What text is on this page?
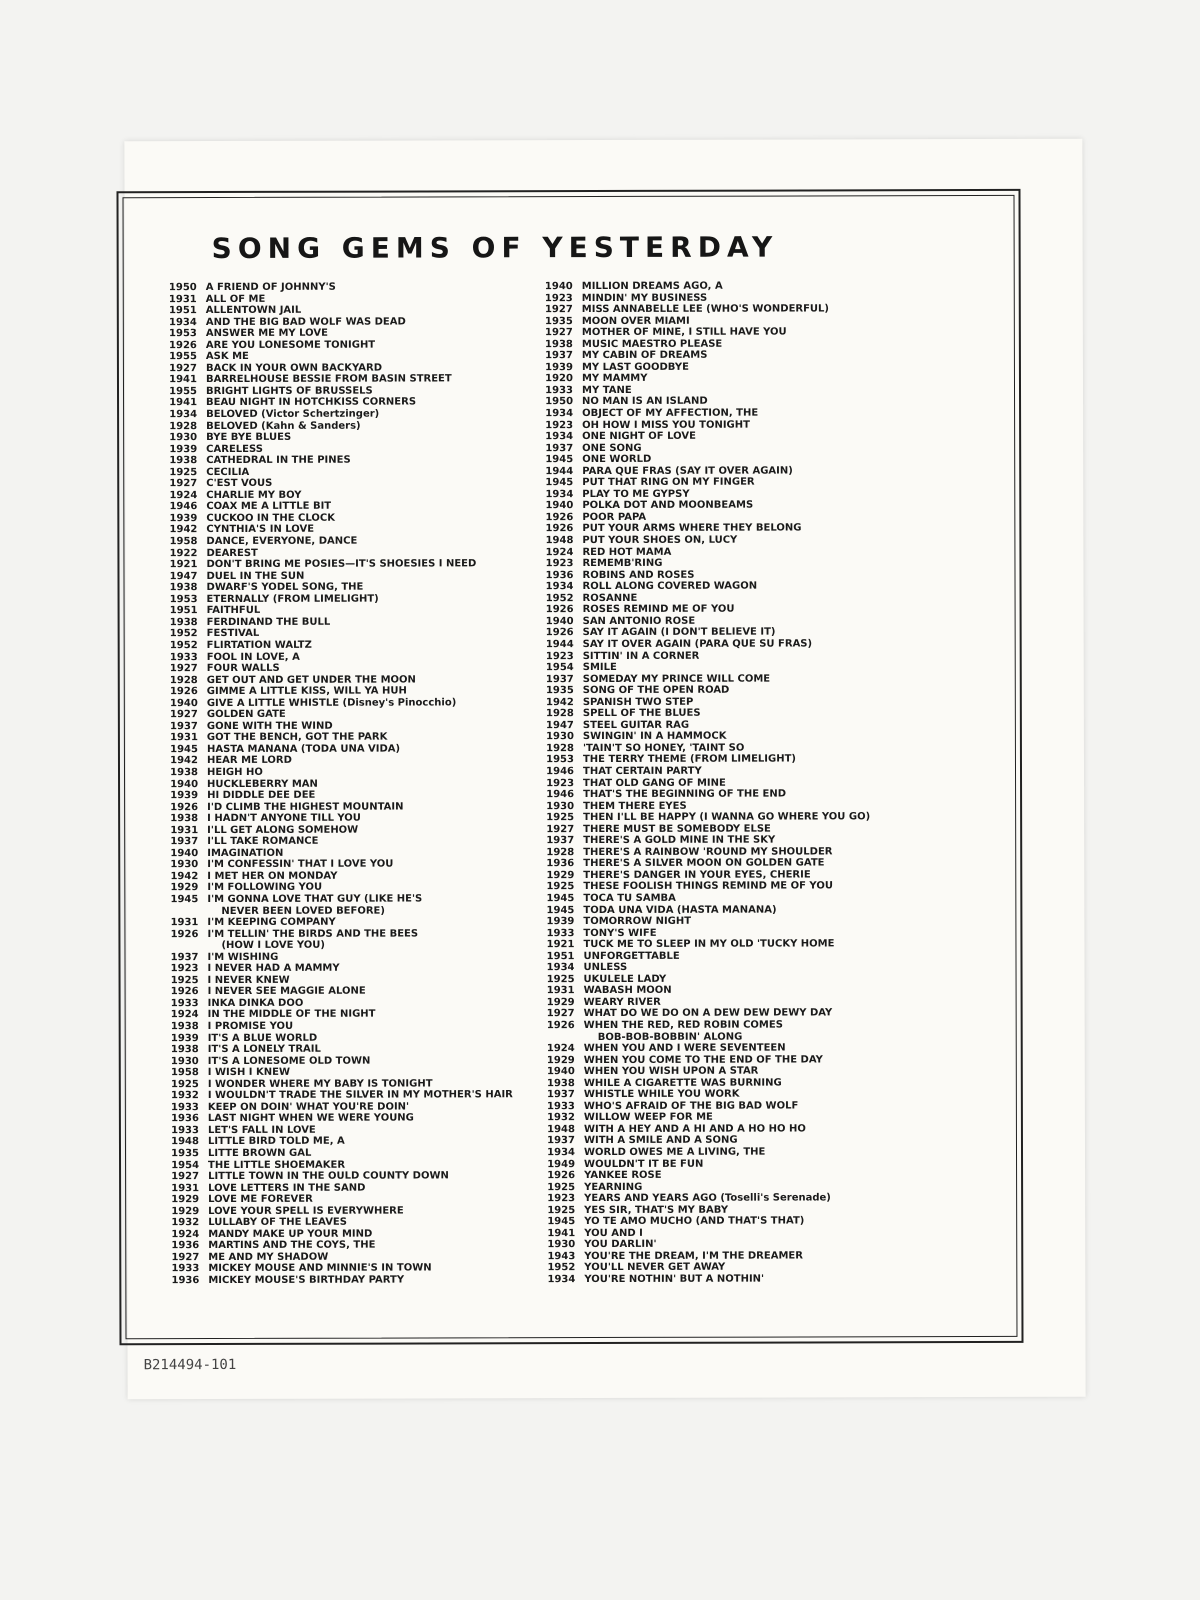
SONG GEMS OF YESTERDAY
1950 A FRIEND OF JOHNNY'S
1931 ALL OF ME
1951 ALLENTOWN JAIL
1934 AND THE BIG BAD WOLF WAS DEAD
1953 ANSWER ME MY LOVE
1926 ARE YOU LONESOME TONIGHT
1955 ASK ME
1927 BACK IN YOUR OWN BACKYARD
1941 BARRELHOUSE BESSIE FROM BASIN STREET
1955 BRIGHT LIGHTS OF BRUSSELS
1941 BEAU NIGHT IN HOTCHKISS CORNERS
1934 BELOVED (Victor Schertzinger)
1928 BELOVED (Kahn & Sanders)
1930 BYE BYE BLUES
1939 CARELESS
1938 CATHEDRAL IN THE PINES
1925 CECILIA
1927 C'EST VOUS
1924 CHARLIE MY BOY
1946 COAX ME A LITTLE BIT
1939 CUCKOO IN THE CLOCK
1942 CYNTHIA'S IN LOVE
1958 DANCE, EVERYONE, DANCE
1922 DEAREST
1921 DON'T BRING ME POSIES—IT'S SHOESIES I NEED
1947 DUEL IN THE SUN
1938 DWARF'S YODEL SONG, THE
1953 ETERNALLY (FROM LIMELIGHT)
1951 FAITHFUL
1938 FERDINAND THE BULL
1952 FESTIVAL
1952 FLIRTATION WALTZ
1933 FOOL IN LOVE, A
1927 FOUR WALLS
1928 GET OUT AND GET UNDER THE MOON
1926 GIMME A LITTLE KISS, WILL YA HUH
1940 GIVE A LITTLE WHISTLE (Disney's Pinocchio)
1927 GOLDEN GATE
1937 GONE WITH THE WIND
1931 GOT THE BENCH, GOT THE PARK
1945 HASTA MANANA (TODA UNA VIDA)
1942 HEAR ME LORD
1938 HEIGH HO
1940 HUCKLEBERRY MAN
1939 HI DIDDLE DEE DEE
1926 I'D CLIMB THE HIGHEST MOUNTAIN
1938 I HADN'T ANYONE TILL YOU
1931 I'LL GET ALONG SOMEHOW
1937 I'LL TAKE ROMANCE
1940 IMAGINATION
1930 I'M CONFESSIN' THAT I LOVE YOU
1942 I MET HER ON MONDAY
1929 I'M FOLLOWING YOU
1945 I'M GONNA LOVE THAT GUY (LIKE HE'S
NEVER BEEN LOVED BEFORE)
1931 I'M KEEPING COMPANY
1926 I'M TELLIN' THE BIRDS AND THE BEES
(HOW I LOVE YOU)
1937 I'M WISHING
1923 I NEVER HAD A MAMMY
1925 I NEVER KNEW
1926 I NEVER SEE MAGGIE ALONE
1933 INKA DINKA DOO
1924 IN THE MIDDLE OF THE NIGHT
1938 I PROMISE YOU
1939 IT'S A BLUE WORLD
1938 IT'S A LONELY TRAIL
1930 IT'S A LONESOME OLD TOWN
1958 I WISH I KNEW
1925 I WONDER WHERE MY BABY IS TONIGHT
1932 I WOULDN'T TRADE THE SILVER IN MY MOTHER'S HAIR
1933 KEEP ON DOIN' WHAT YOU'RE DOIN'
1936 LAST NIGHT WHEN WE WERE YOUNG
1933 LET'S FALL IN LOVE
1948 LITTLE BIRD TOLD ME, A
1935 LITTE BROWN GAL
1954 THE LITTLE SHOEMAKER
1927 LITTLE TOWN IN THE OULD COUNTY DOWN
1931 LOVE LETTERS IN THE SAND
1929 LOVE ME FOREVER
1929 LOVE YOUR SPELL IS EVERYWHERE
1932 LULLABY OF THE LEAVES
1924 MANDY MAKE UP YOUR MIND
1936 MARTINS AND THE COYS, THE
1927 ME AND MY SHADOW
1933 MICKEY MOUSE AND MINNIE'S IN TOWN
1936 MICKEY MOUSE'S BIRTHDAY PARTY
1940 MILLION DREAMS AGO, A
1923 MINDIN' MY BUSINESS
1927 MISS ANNABELLE LEE (WHO'S WONDERFUL)
1935 MOON OVER MIAMI
1927 MOTHER OF MINE, I STILL HAVE YOU
1938 MUSIC MAESTRO PLEASE
1937 MY CABIN OF DREAMS
1939 MY LAST GOODBYE
1920 MY MAMMY
1933 MY TANE
1950 NO MAN IS AN ISLAND
1934 OBJECT OF MY AFFECTION, THE
1923 OH HOW I MISS YOU TONIGHT
1934 ONE NIGHT OF LOVE
1937 ONE SONG
1945 ONE WORLD
1944 PARA QUE FRAS (SAY IT OVER AGAIN)
1945 PUT THAT RING ON MY FINGER
1934 PLAY TO ME GYPSY
1940 POLKA DOT AND MOONBEAMS
1926 POOR PAPA
1926 PUT YOUR ARMS WHERE THEY BELONG
1948 PUT YOUR SHOES ON, LUCY
1924 RED HOT MAMA
1923 REMEMB'RING
1936 ROBINS AND ROSES
1934 ROLL ALONG COVERED WAGON
1952 ROSANNE
1926 ROSES REMIND ME OF YOU
1940 SAN ANTONIO ROSE
1926 SAY IT AGAIN (I DON'T BELIEVE IT)
1944 SAY IT OVER AGAIN (PARA QUE SU FRAS)
1923 SITTIN' IN A CORNER
1954 SMILE
1937 SOMEDAY MY PRINCE WILL COME
1935 SONG OF THE OPEN ROAD
1942 SPANISH TWO STEP
1928 SPELL OF THE BLUES
1947 STEEL GUITAR RAG
1930 SWINGIN' IN A HAMMOCK
1928 'TAIN'T SO HONEY, 'TAINT SO
1953 THE TERRY THEME (FROM LIMELIGHT)
1946 THAT CERTAIN PARTY
1923 THAT OLD GANG OF MINE
1946 THAT'S THE BEGINNING OF THE END
1930 THEM THERE EYES
1925 THEN I'LL BE HAPPY (I WANNA GO WHERE YOU GO)
1927 THERE MUST BE SOMEBODY ELSE
1937 THERE'S A GOLD MINE IN THE SKY
1928 THERE'S A RAINBOW 'ROUND MY SHOULDER
1936 THERE'S A SILVER MOON ON GOLDEN GATE
1929 THERE'S DANGER IN YOUR EYES, CHERIE
1925 THESE FOOLISH THINGS REMIND ME OF YOU
1945 TOCA TU SAMBA
1945 TODA UNA VIDA (HASTA MANANA)
1939 TOMORROW NIGHT
1933 TONY'S WIFE
1921 TUCK ME TO SLEEP IN MY OLD 'TUCKY HOME
1951 UNFORGETTABLE
1934 UNLESS
1925 UKULELE LADY
1931 WABASH MOON
1929 WEARY RIVER
1927 WHAT DO WE DO ON A DEW DEW DEWY DAY
1926 WHEN THE RED, RED ROBIN COMES
BOB-BOB-BOBBIN' ALONG
1924 WHEN YOU AND I WERE SEVENTEEN
1929 WHEN YOU COME TO THE END OF THE DAY
1940 WHEN YOU WISH UPON A STAR
1938 WHILE A CIGARETTE WAS BURNING
1937 WHISTLE WHILE YOU WORK
1933 WHO'S AFRAID OF THE BIG BAD WOLF
1932 WILLOW WEEP FOR ME
1948 WITH A HEY AND A HI AND A HO HO HO
1937 WITH A SMILE AND A SONG
1934 WORLD OWES ME A LIVING, THE
1949 WOULDN'T IT BE FUN
1926 YANKEE ROSE
1925 YEARNING
1923 YEARS AND YEARS AGO (Toselli's Serenade)
1925 YES SIR, THAT'S MY BABY
1945 YO TE AMO MUCHO (AND THAT'S THAT)
1941 YOU AND I
1930 YOU DARLIN'
1943 YOU'RE THE DREAM, I'M THE DREAMER
1952 YOU'LL NEVER GET AWAY
1934 YOU'RE NOTHIN' BUT A NOTHIN'
B214494-101
